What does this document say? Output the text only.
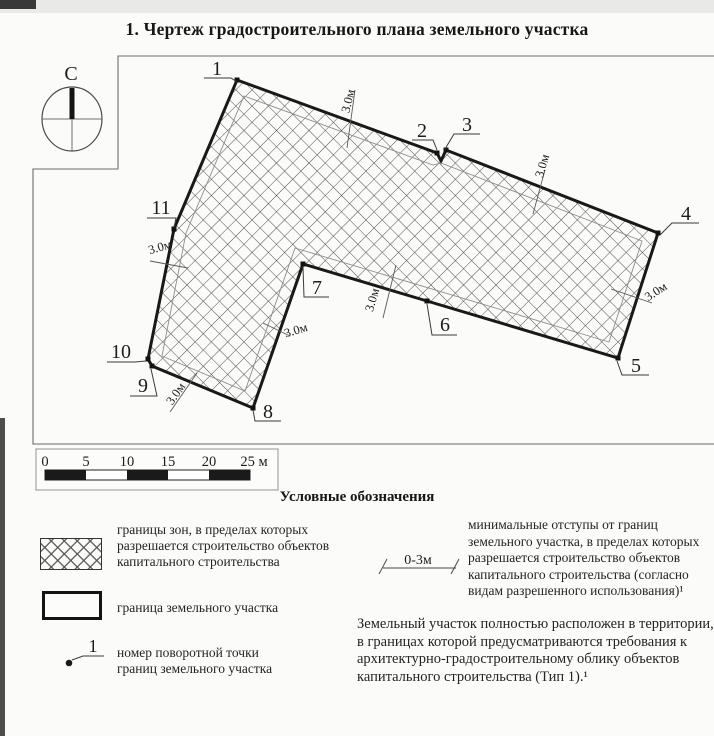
1. Чертеж градостроительного плана земельного участка
С	1
2 3
4
5
6
7
8
9
10
11
3.0м
3.0м
3.0м
3.0м
3.0м
3.0м
3.0м
0 5 10 15 20 25 м
1
0-3м
Условные обозначения
границы зон, в пределах которых
разрешается строительство объектов
капитального строительства
граница земельного участка
номер поворотной точки
границ земельного участка
минимальные отступы от границ
земельного участка, в пределах которых
разрешается строительство объектов
капитального строительства (согласно
видам разрешенного использования)¹
Земельный участок полностью расположен в территории,
в границах которой предусматриваются требования к
архитектурно-градостроительному облику объектов
капитального строительства (Тип 1).¹
